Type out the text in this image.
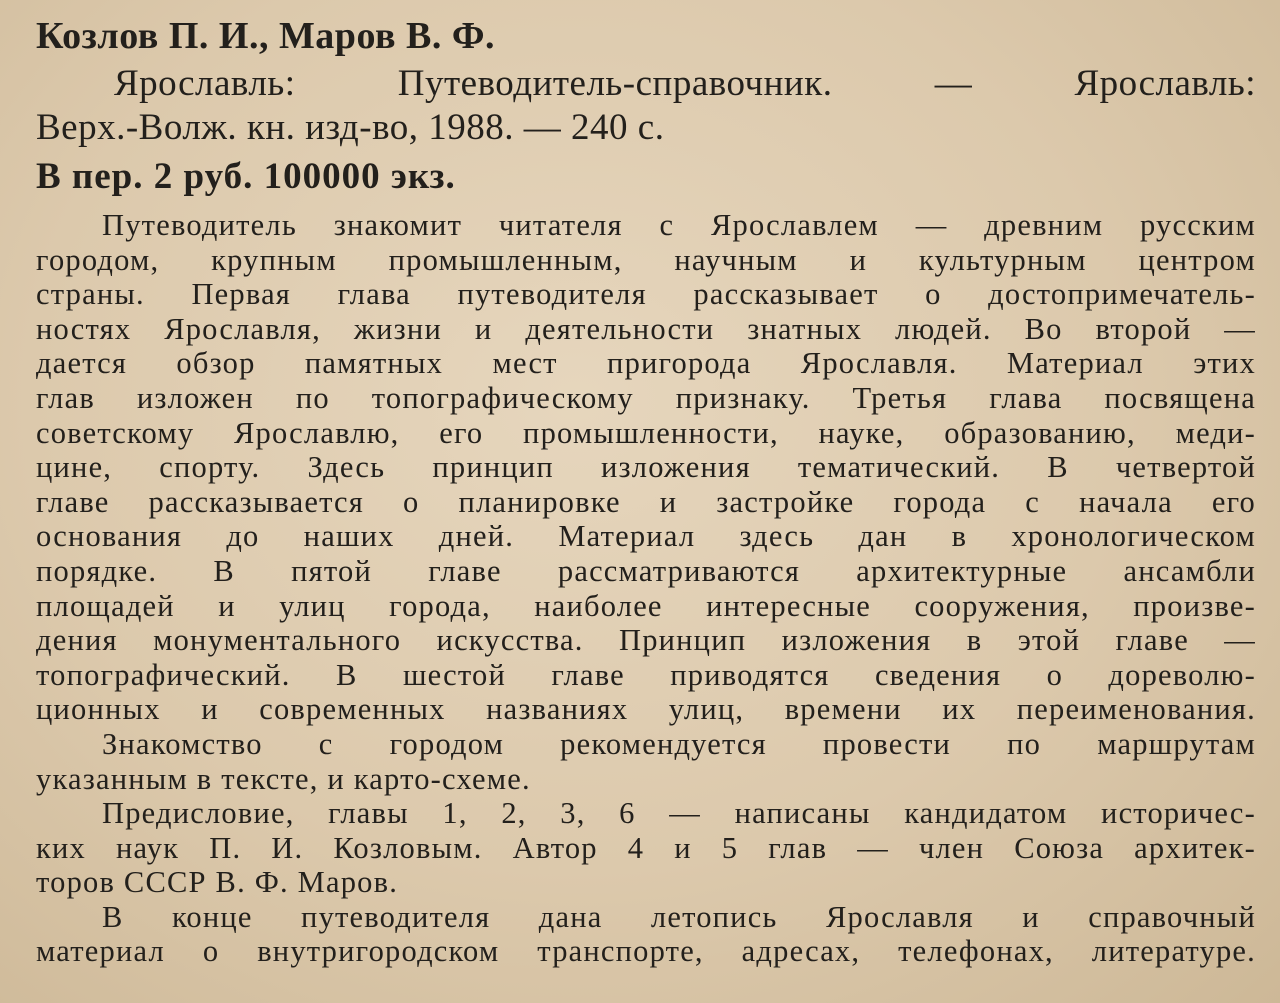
Козлов П. И., Маров В. Ф.
Ярославль: Путеводитель-справочник. — Ярославль:
Верх.-Волж. кн. изд-во, 1988. — 240 с.
В пер. 2 руб. 100000 экз.

Путеводитель знакомит читателя с Ярославлем — древним русским
городом, крупным промышленным, научным и культурным центром
страны. Первая глава путеводителя рассказывает о достопримечатель-
ностях Ярославля, жизни и деятельности знатных людей. Во второй —
дается обзор памятных мест пригорода Ярославля. Материал этих
глав изложен по топографическому признаку. Третья глава посвящена
советскому Ярославлю, его промышленности, науке, образованию, меди-
цине, спорту. Здесь принцип изложения тематический. В четвертой
главе рассказывается о планировке и застройке города с начала его
основания до наших дней. Материал здесь дан в хронологическом
порядке. В пятой главе рассматриваются архитектурные ансамбли
площадей и улиц города, наиболее интересные сооружения, произве-
дения монументального искусства. Принцип изложения в этой главе —
топографический. В шестой главе приводятся сведения о дореволю-
ционных и современных названиях улиц, времени их переименования.

Знакомство с городом рекомендуется провести по маршрутам
указанным в тексте, и карто-схеме.

Предисловие, главы 1, 2, 3, 6 — написаны кандидатом историчес-
ких наук П. И. Козловым. Автор 4 и 5 глав — член Союза архитек-
торов СССР В. Ф. Маров.

В конце путеводителя дана летопись Ярославля и справочный
материал о внутригородском транспорте, адресах, телефонах, литературе.
